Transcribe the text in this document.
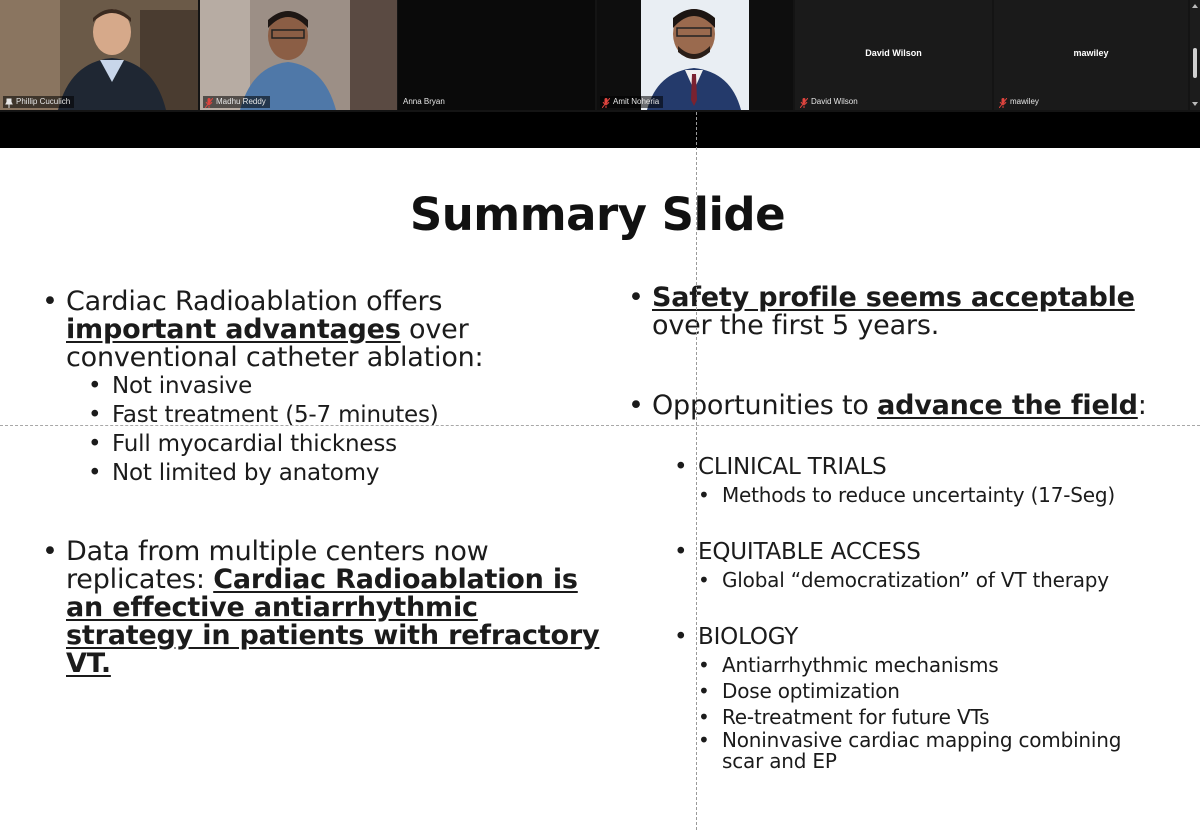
Phillip Cuculich	Madhu Reddy	Anna Bryan	Amit Noheria
David Wilson
David Wilson
mawiley
mawiley
Summary Slide
• Cardiac Radioablation offers
important advantages over
conventional catheter ablation:
• Not invasive
• Fast treatment (5-7 minutes)
• Full myocardial thickness
• Not limited by anatomy
• Data from multiple centers now
replicates: Cardiac Radioablation is
an effective antiarrhythmic
strategy in patients with refractory
VT.
• Safety profile seems acceptable
over the first 5 years.
• Opportunities to advance the field:
• CLINICAL TRIALS
• Methods to reduce uncertainty (17-Seg)
• EQUITABLE ACCESS
• Global “democratization” of VT therapy
• BIOLOGY
• Antiarrhythmic mechanisms
• Dose optimization
• Re-treatment for future VTs
• Noninvasive cardiac mapping combining
scar and EP
